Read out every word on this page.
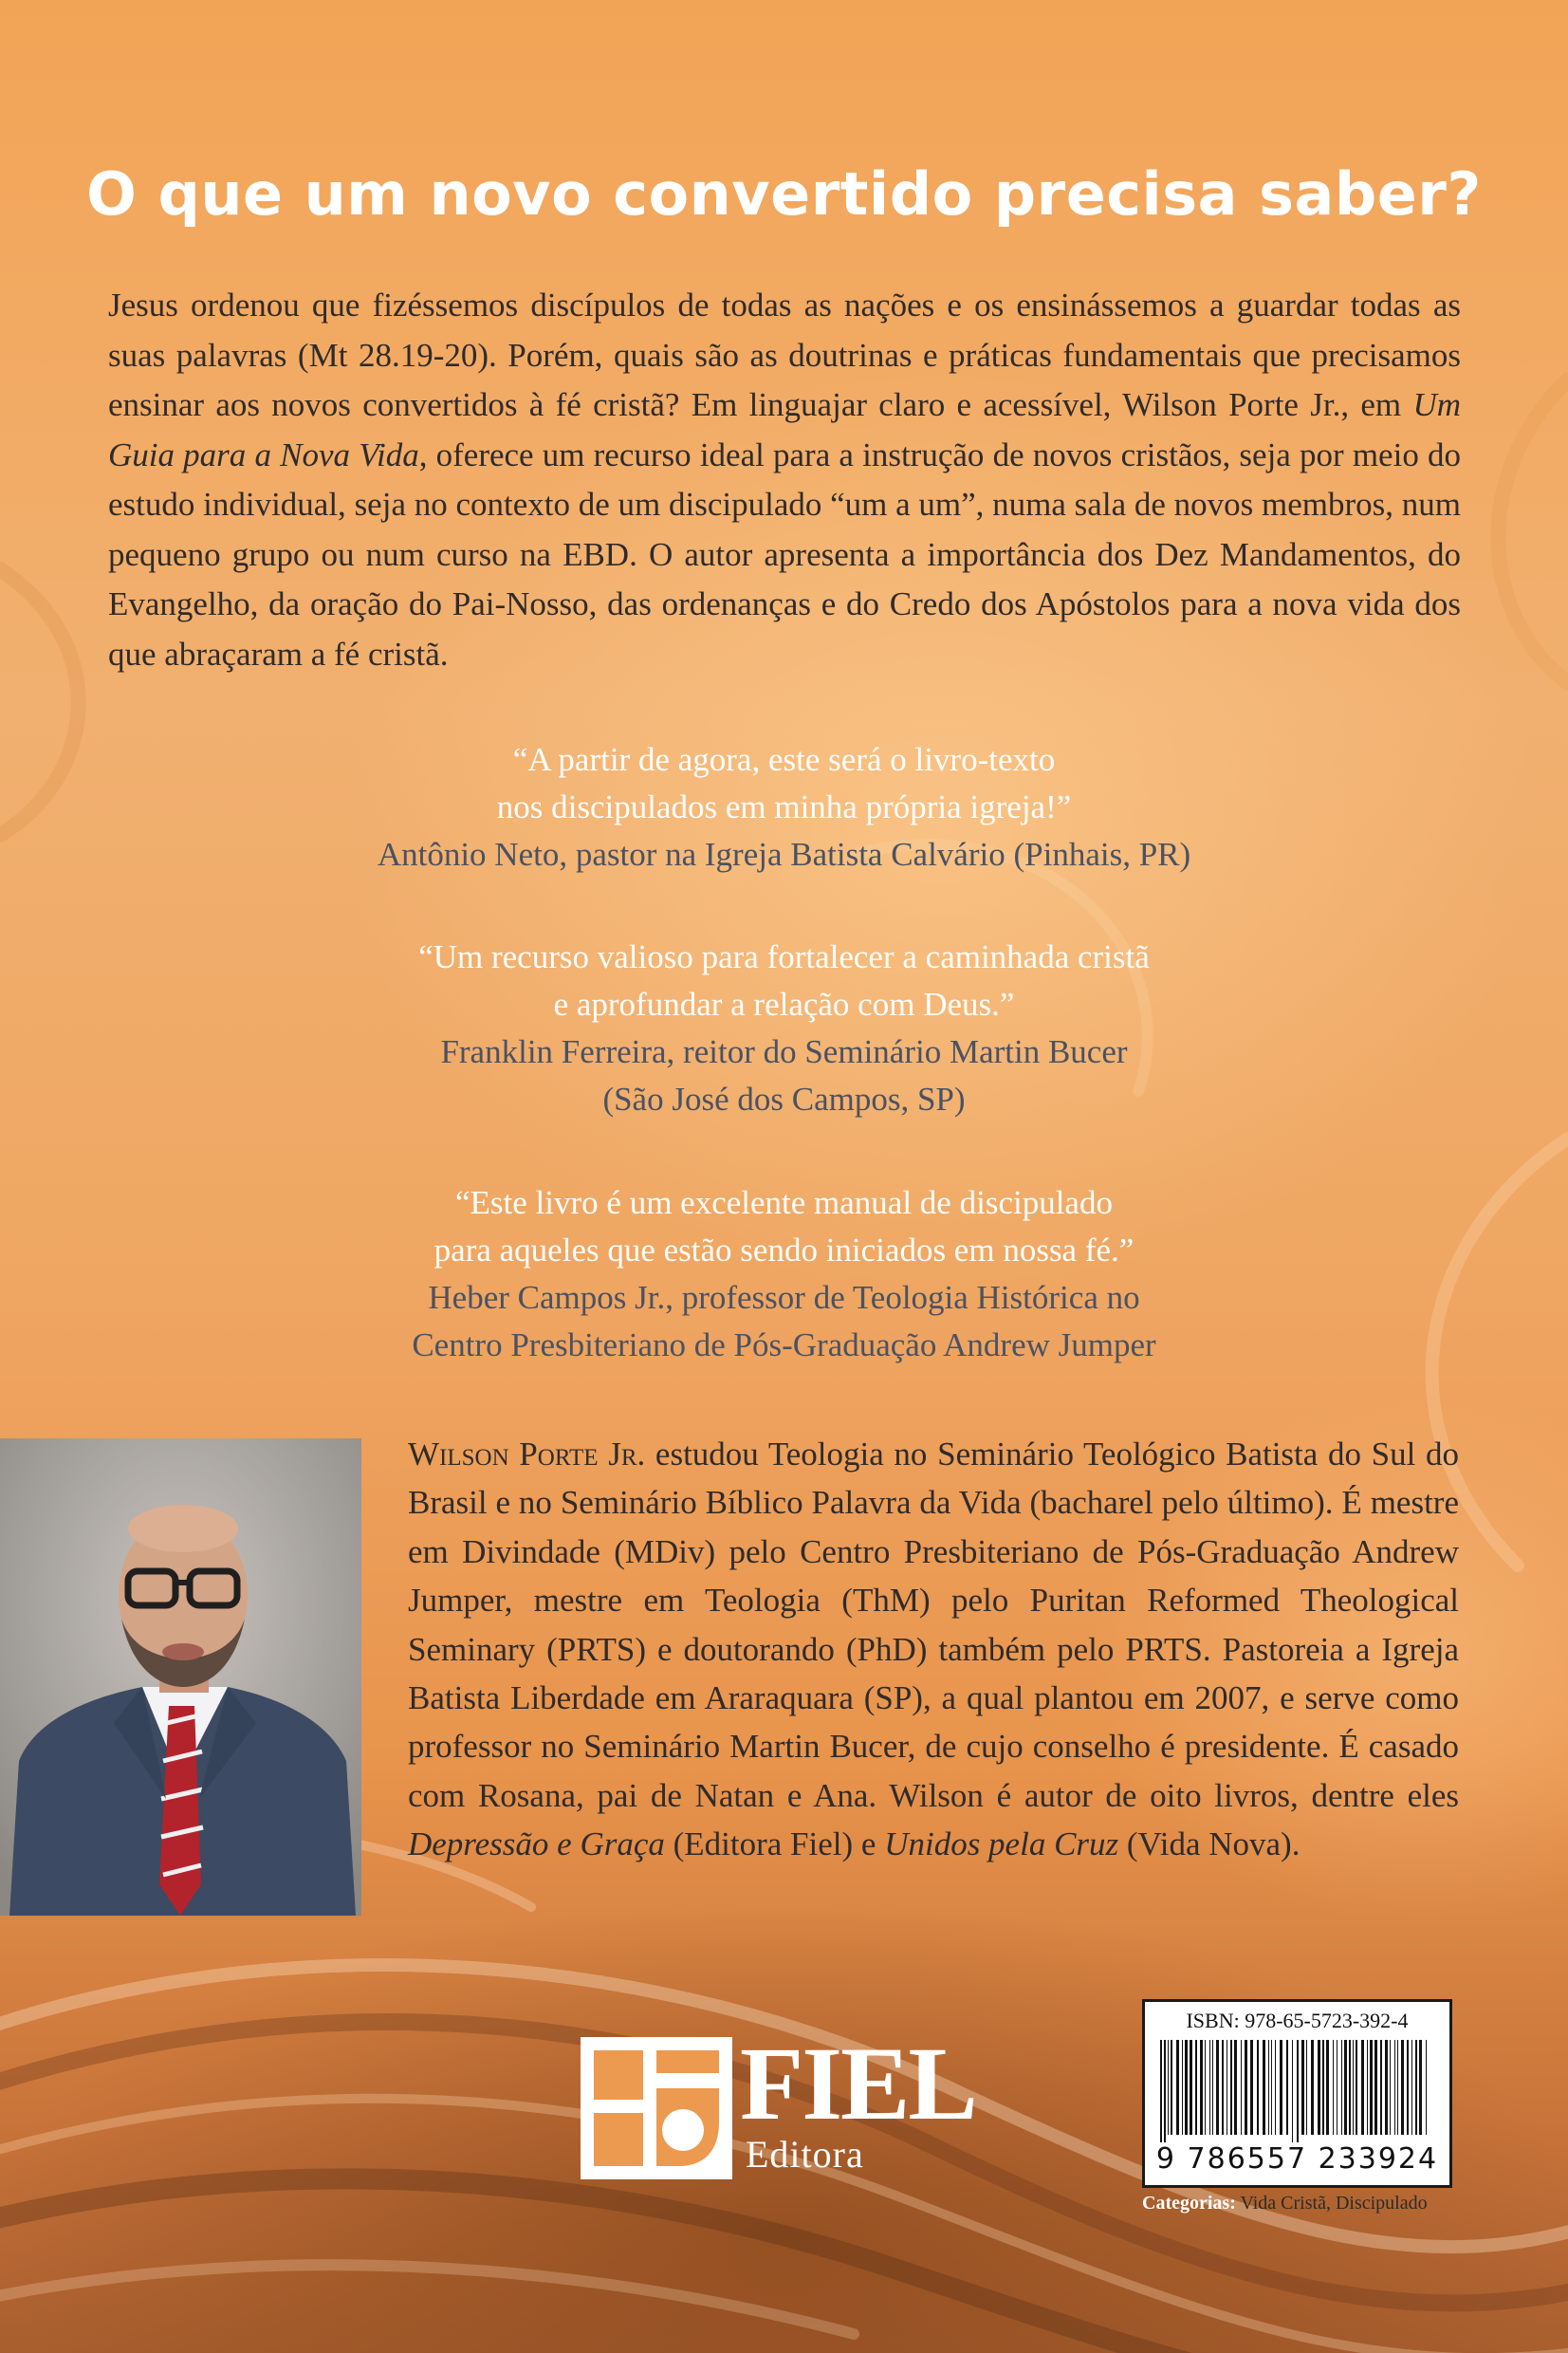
O que um novo convertido precisa saber?

Jesus ordenou que fizéssemos discípulos de todas as nações e os ensinássemos a guardar todas as suas palavras (Mt 28.19-20). Porém, quais são as doutrinas e práticas fundamentais que precisamos ensinar aos novos convertidos à fé cristã? Em linguajar claro e acessível, Wilson Porte Jr., em Um Guia para a Nova Vida, oferece um recurso ideal para a instrução de novos cristãos, seja por meio do estudo individual, seja no contexto de um discipulado “um a um”, numa sala de novos membros, num pequeno grupo ou num curso na EBD. O autor apresenta a importância dos Dez Mandamentos, do Evangelho, da oração do Pai-Nosso, das ordenanças e do Credo dos Apóstolos para a nova vida dos que abraçaram a fé cristã.

“A partir de agora, este será o livro-texto
nos discipulados em minha própria igreja!”
Antônio Neto, pastor na Igreja Batista Calvário (Pinhais, PR)
“Um recurso valioso para fortalecer a caminhada cristã
e aprofundar a relação com Deus.”
Franklin Ferreira, reitor do Seminário Martin Bucer
(São José dos Campos, SP)
“Este livro é um excelente manual de discipulado
para aqueles que estão sendo iniciados em nossa fé.”
Heber Campos Jr., professor de Teologia Histórica no
Centro Presbiteriano de Pós-Graduação Andrew Jumper

Wilson Porte Jr. estudou Teologia no Seminário Teológico Batista do Sul do Brasil e no Seminário Bíblico Palavra da Vida (bacharel pelo último). É mestre em Divindade (MDiv) pelo Centro Presbiteriano de Pós-Graduação Andrew Jumper, mestre em Teologia (ThM) pelo Puritan Reformed Theological Seminary (PRTS) e doutorando (PhD) também pelo PRTS. Pastoreia a Igreja Batista Liberdade em Araraquara (SP), a qual plantou em 2007, e serve como professor no Seminário Martin Bucer, de cujo conselho é presidente. É casado com Rosana, pai de Natan e Ana. Wilson é autor de oito livros, dentre eles Depressão e Graça (Editora Fiel) e Unidos pela Cruz (Vida Nova).

FIEL
Editora
ISBN: 978-65-5723-392-4
9 786557 233924
Categorias: Vida Cristã, Discipulado
